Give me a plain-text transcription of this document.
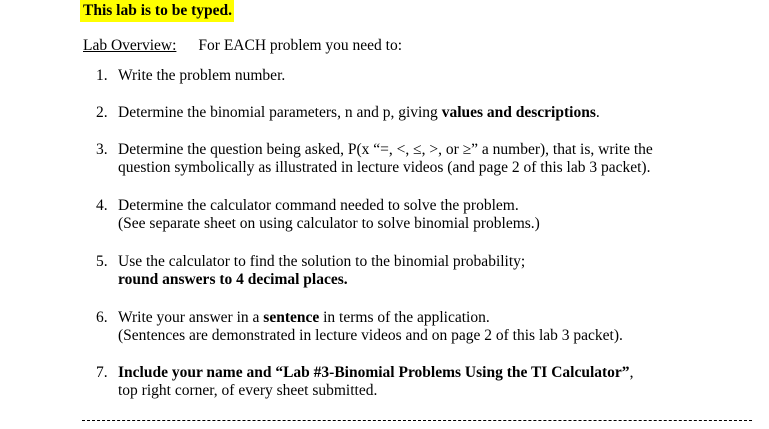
This lab is to be typed.
Lab Overview: For EACH problem you need to:
1. Write the problem number.
2. Determine the binomial parameters, n and p, giving values and descriptions.
3. Determine the question being asked, P(x “=, <, ≤, >, or ≥” a number), that is, write the
question symbolically as illustrated in lecture videos (and page 2 of this lab 3 packet).
4. Determine the calculator command needed to solve the problem.
(See separate sheet on using calculator to solve binomial problems.)
5. Use the calculator to find the solution to the binomial probability;
round answers to 4 decimal places.
6. Write your answer in a sentence in terms of the application.
(Sentences are demonstrated in lecture videos and on page 2 of this lab 3 packet).
7. Include your name and “Lab #3-Binomial Problems Using the TI Calculator”,
top right corner, of every sheet submitted.
